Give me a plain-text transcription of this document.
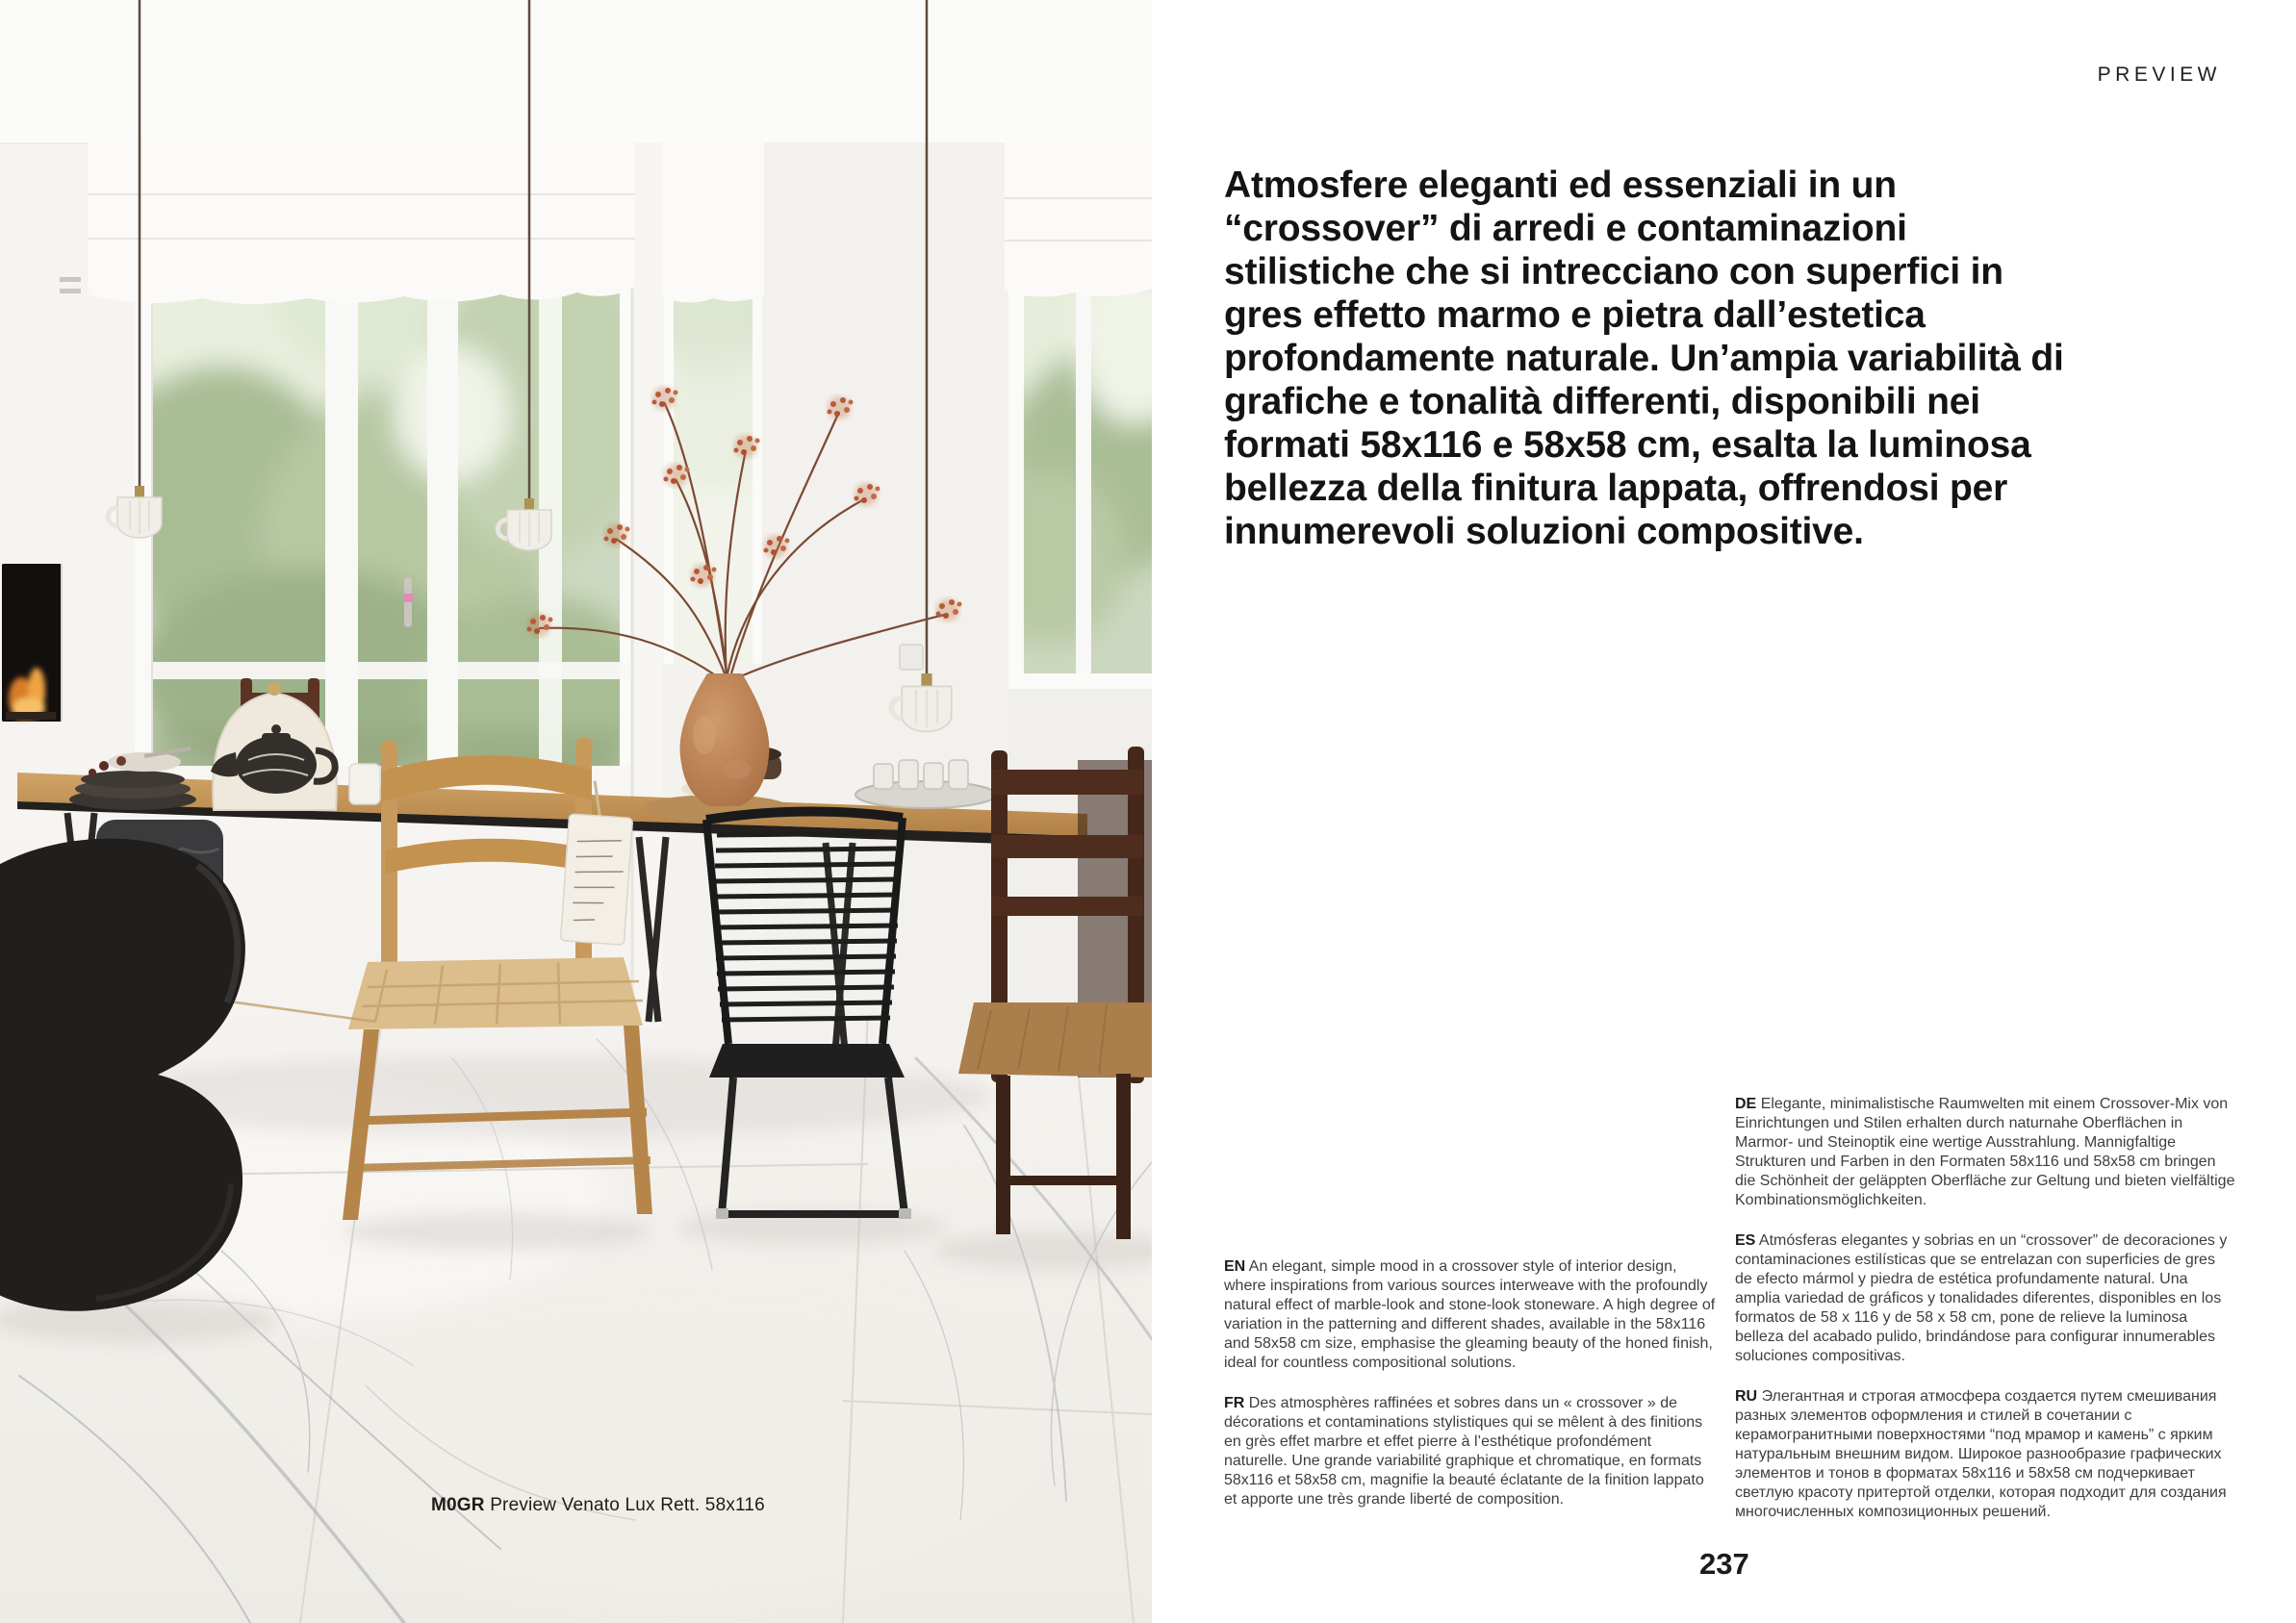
M0GR Preview Venato Lux Rett. 58x116
PREVIEW
Atmosfere eleganti ed essenziali in un “crossover” di arredi e contaminazioni stilistiche che si intrecciano con superfici in gres effetto marmo e pietra dall’estetica profondamente naturale. Un’ampia variabilità di grafiche e tonalità differenti, disponibili nei formati 58x116 e 58x58 cm, esalta la luminosa bellezza della finitura lappata, offrendosi per innumerevoli soluzioni compositive.

EN An elegant, simple mood in a crossover style of interior design, where inspirations from various sources interweave with the profoundly natural effect of marble-look and stone-look stoneware. A high degree of variation in the patterning and different shades, available in the 58x116 and 58x58 cm size, emphasise the gleaming beauty of the honed finish, ideal for countless compositional solutions.

FR Des atmosphères raffinées et sobres dans un « crossover » de décorations et contaminations stylistiques qui se mêlent à des finitions en grès effet marbre et effet pierre à l’esthétique profondément naturelle. Une grande variabilité graphique et chromatique, en formats 58x116 et 58x58 cm, magnifie la beauté éclatante de la finition lappato et apporte une très grande liberté de composition.

DE Elegante, minimalistische Raumwelten mit einem Crossover-Mix von Einrichtungen und Stilen erhalten durch naturnahe Oberflächen in Marmor- und Steinoptik eine wertige Ausstrahlung. Mannigfaltige Strukturen und Farben in den Formaten 58x116 und 58x58 cm bringen die Schönheit der geläppten Oberfläche zur Geltung und bieten vielfältige Kombinationsmöglichkeiten.

ES Atmósferas elegantes y sobrias en un “crossover” de decoraciones y contaminaciones estilísticas que se entrelazan con superficies de gres de efecto mármol y piedra de estética profundamente natural. Una amplia variedad de gráficos y tonalidades diferentes, disponibles en los formatos de 58 x 116 y de 58 x 58 cm, pone de relieve la luminosa belleza del acabado pulido, brindándose para configurar innumerables soluciones compositivas.

RU Элегантная и строгая атмосфера создается путем смешивания разных элементов оформления и стилей в сочетании с керамогранитными поверхностями “под мрамор и камень” с ярким натуральным внешним видом. Широкое разнообразие графических элементов и тонов в форматах 58x116 и 58x58 см подчеркивает светлую красоту притертой отделки, которая подходит для создания многочисленных композиционных решений.

237
